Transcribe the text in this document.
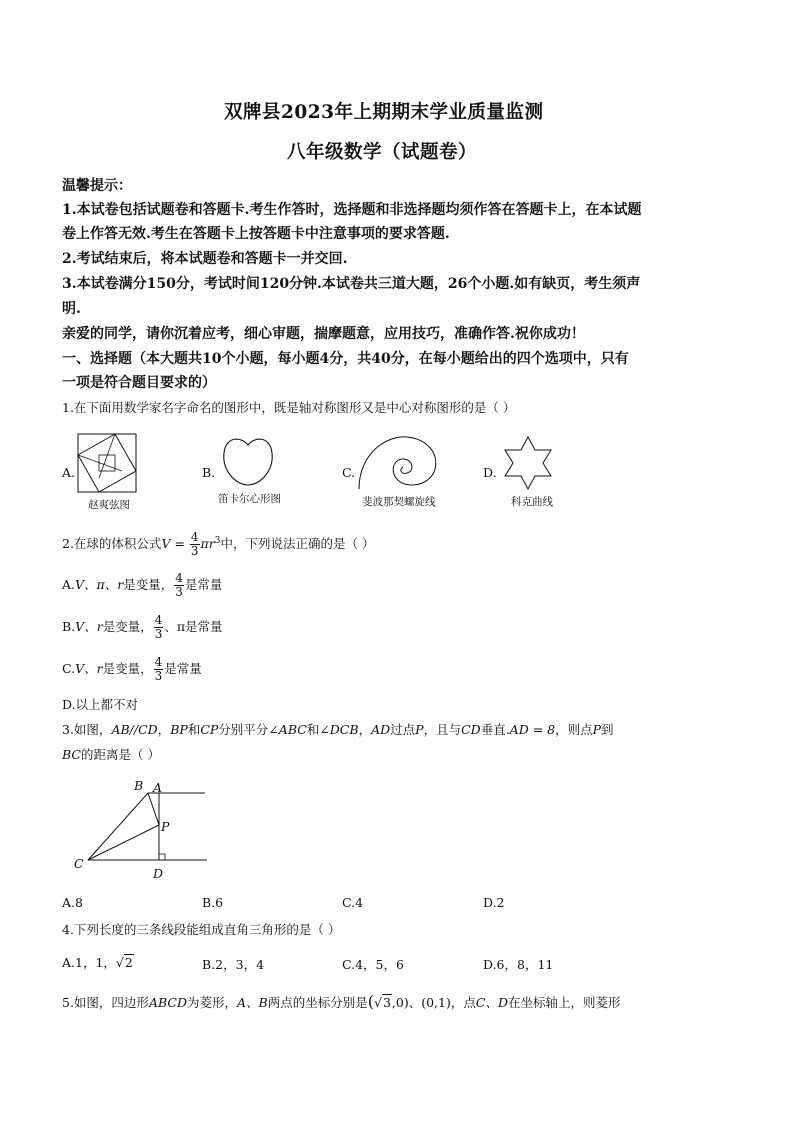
双牌县2023年上期期末学业质量监测
八年级数学（试题卷）
温馨提示：
1.本试卷包括试题卷和答题卡.考生作答时，选择题和非选择题均须作答在答题卡上，在本试题
卷上作答无效.考生在答题卡上按答题卡中注意事项的要求答题.
2.考试结束后，将本试题卷和答题卡一并交回.
3.本试卷满分150分，考试时间120分钟.本试卷共三道大题，26个小题.如有缺页，考生须声
明.
亲爱的同学，请你沉着应考，细心审题，揣摩题意，应用技巧，准确作答.祝你成功！
一、选择题（本大题共10个小题，每小题4分，共40分，在每小题给出的四个选项中，只有
一项是符合题目要求的）
1.在下面用数学家名字命名的图形中，既是轴对称图形又是中心对称图形的是（ ）
A.
赵爽弦图
B.
笛卡尔心形图
C.
斐波那契螺旋线
D.
科克曲线
2.在球的体积公式$V = \frac{4}{3} \pi r^3$中，下列说法正确的是（ ）
A.V、π、r是变量， $\frac{4}{3}$ 是常量
B.V、r是变量， $\frac{4}{3}$ 、π是常量
C.V、r是变量， $\frac{4}{3}$ 是常量
D.以上都不对
3.如图，AB//CD，BP和CP分别平分∠ABC和∠DCB，AD过点P，且与CD垂直.AD = 8，则点P到
BC的距离是（ ）
B A
P
C
D
A.8	B.6	C.4	D.2
4.下列长度的三条线段能组成直角三角形的是（ ）
A.1，1，√2	B.2，3，4	C.4，5，6	D.6，8，11
5.如图，四边形ABCD为菱形，A、B两点的坐标分别是(√3,0)、(0,1)，点C、D在坐标轴上，则菱形
